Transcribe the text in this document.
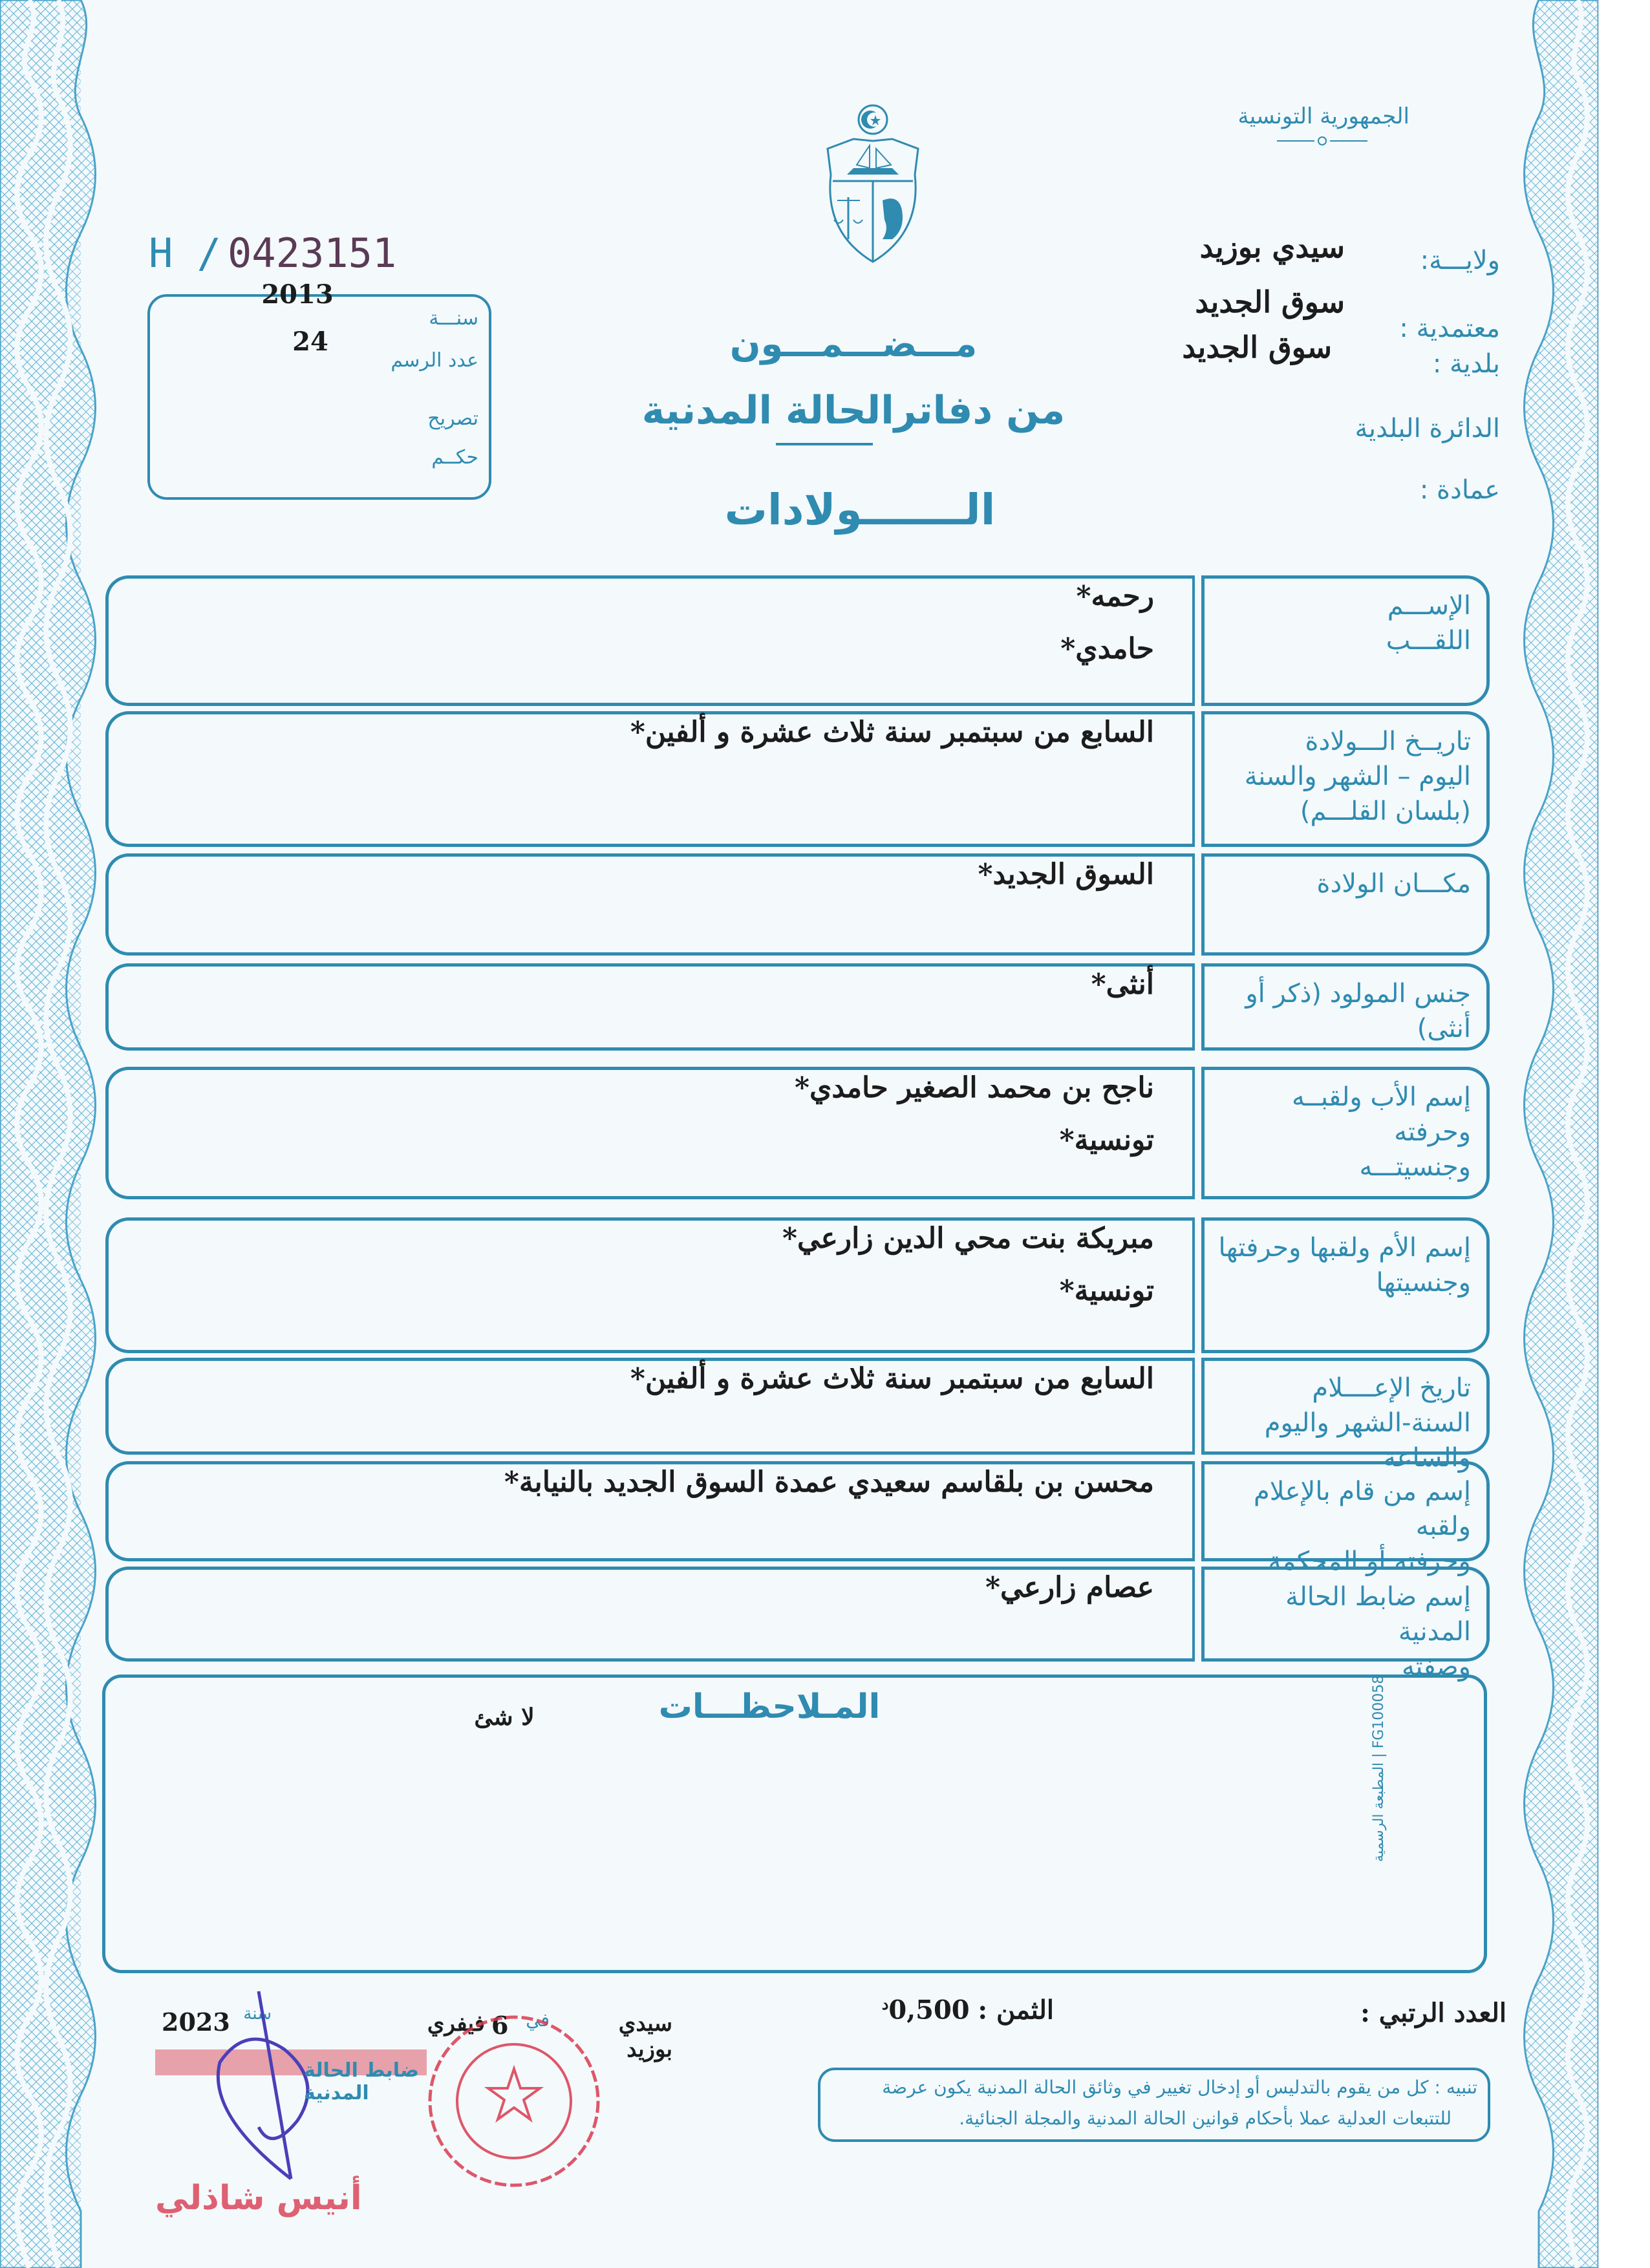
الجمهورية التونسية
ولايـــة:
سيدي بوزيد
معتمدية :
سوق الجديد
بلدية :
سوق الجديد
الدائرة البلدية
عمادة :
H / 0423151
2013
سنـــة
24
عدد الرسم
تصريح
حكــم
مـــضـــمـــون
من دفاترالحالة المدنية
الـــــــولادات
الإســـم
اللقـــب
رحمه*
حامدي*
تاريــخ الـــولادة
اليوم – الشهر والسنة
(بلسان القلـــم)
السابع من سبتمبر سنة ثلاث عشرة و ألفين*
مكـــان الولادة
السوق الجديد*
جنس المولود (ذكر أو أنثى)
أنثى*
إسم الأب ولقبــه وحرفته
وجنسيتـــه
ناجح بن محمد الصغير حامدي*
تونسية*
إسم الأم ولقبها وحرفتها
وجنسيتها
مبريكة بنت محي الدين زارعي*
تونسية*
تاريخ الإعــــلام
السنة-الشهر واليوم والساعة
السابع من سبتمبر سنة ثلاث عشرة و ألفين*
إسم من قام بالإعلام ولقبه
وحرفته أو المحكمة
محسن بن بلقاسم سعيدي عمدة السوق الجديد بالنيابة*
إسم ضابط الحالة المدنية
وصفته
عصام زارعي*
المـلاحظـــات
لا شئ
المطبعة الرسمية | FG100058
العدد الرتبي :
الثمن : $0,500^د$
سيدي بوزيد
في
6
فيفري
سنة
2023
تنبيه : كل من يقوم بالتدليس أو إدخال تغيير في وثائق الحالة المدنية يكون عرضة
للتتبعات العدلية عملا بأحكام قوانين الحالة المدنية والمجلة الجنائية.
ضابط الحالة المدنية
أنيس شاذلي
